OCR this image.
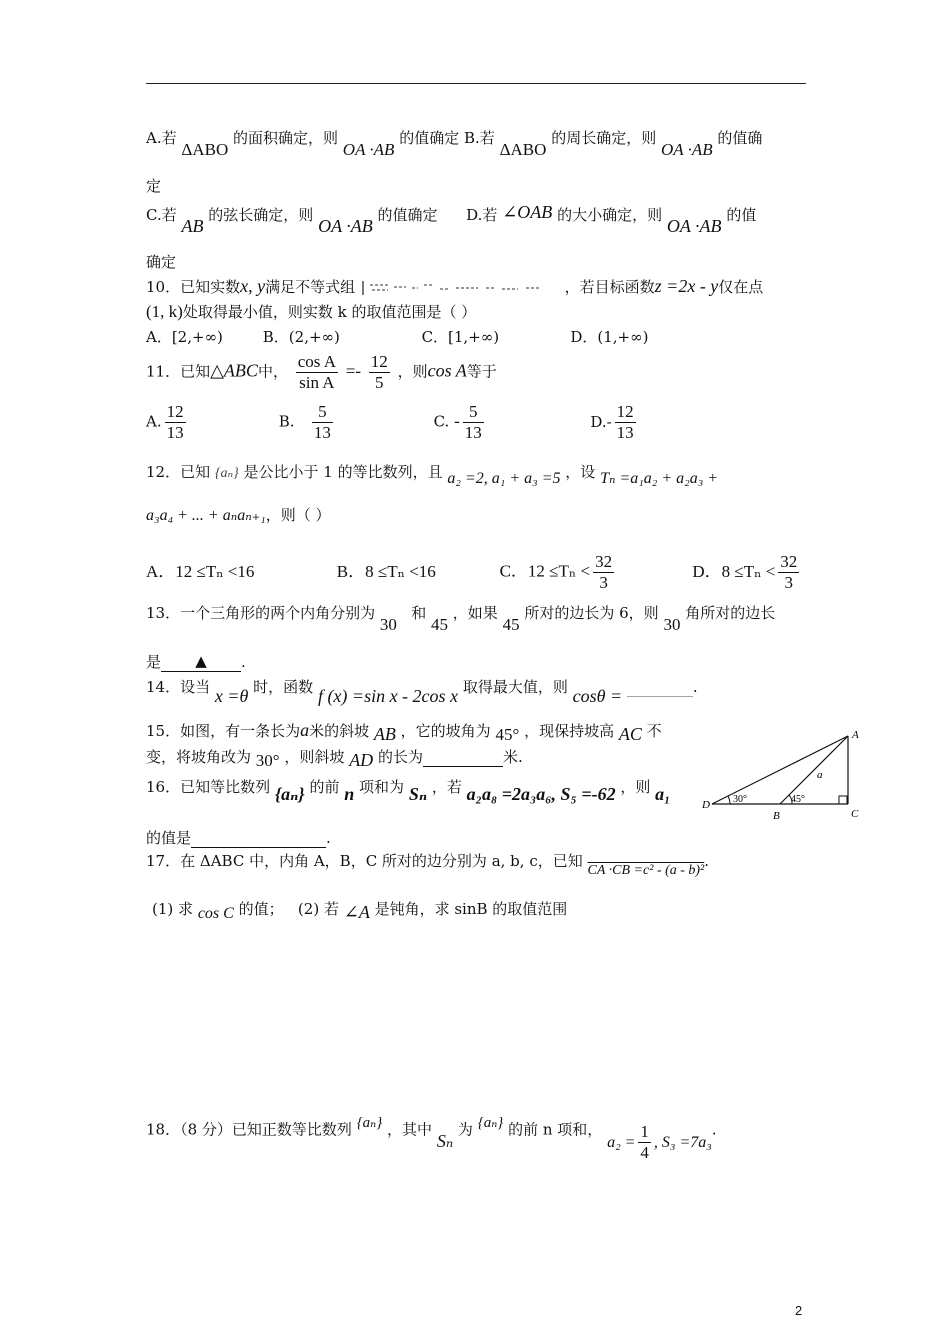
A.若 ΔABO 的面积确定，则 OA ·AB 的值确定 B.若 ΔABO 的周长确定，则 OA ·AB 的值确
定
C.若 AB 的弦长确定，则 OA ·AB 的值确定 D.若 ∠OAB 的大小确定，则 OA ·AB 的值
确定
10．已知实数x, y满足不等式组	，若目标函数z =2x - y仅在点
(1, k)处取得最小值，则实数 k 的取值范围是（ ）
A．[2,+∞)	B．(2,+∞)	C．[1,+∞)	D．(1,+∞)
11．已知△ABC中， $\frac{\text{cos A}}{\text{sin A}} =- \frac{12}{5}$ ，则cos A等于
A. $\frac{12}{13}$	B. $\frac{5}{13}$	C. - $\frac{5}{13}$	$D.- \frac{12}{13}$
12．已知 {aₙ} 是公比小于 1 的等比数列，且 a₂ =2, a₁ + a₃ =5 ，设 Tₙ =a₁a₂ + a₂a₃ +
a₃a₄ + ... + aₙaₙ₊₁，则（ ）
A．12 ≤Tₙ <16	B．8 ≤Tₙ <16	C．$12 \le T_n < \frac{32}{3}$	D．$8 \le T_n < \frac{32}{3}$
13．一个三角形的两个内角分别为 30   和 45 ，如果 45 所对的边长为 6，则 30 角所对的边长
是 ▲ .
14．设当 x =θ 时，函数 f (x) =sin x - 2cos x 取得最大值，则 cosθ =	.
15．如图，有一条长为a米的斜坡 AB ，它的坡角为 45° ，现保持坡高 AC 不
变，将坡角改为 30° ，则斜坡 AD 的长为	米.
16．已知等比数列 {aₙ} 的前 n 项和为 Sₙ ，若 a₂a₈ =2a₃a₆, S₅ =-62 ，则 a₁
的值是	.
A
D
B	C
a
30°	45°
17．在 ΔABC 中，内角 A，B，C 所对的边分别为 a, b, c，已知 CA ·CB =c² - (a - b)².
(1) 求 cos C 的值； (2) 若 ∠A 是钝角，求 sinB 的取值范围
18．（8 分）已知正数等比数列 {aₙ} ，其中 Sₙ 为 {aₙ} 的前 n 项和， $a_2 = \frac{1}{4}$ , S₃ =7a₃.
2
